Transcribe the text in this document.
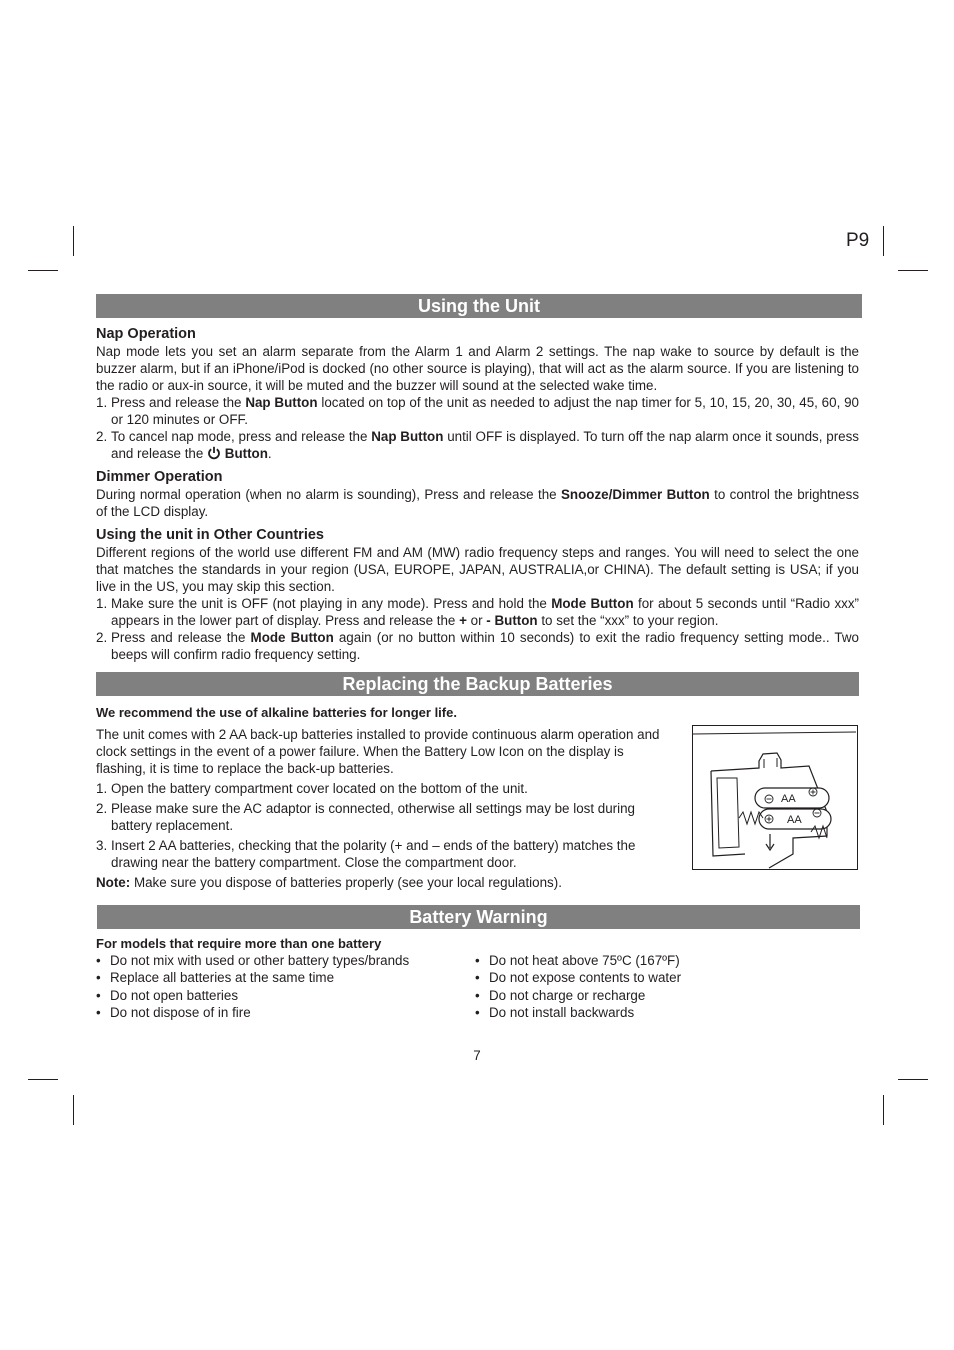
P9
Using the Unit
Nap Operation

Nap mode lets you set an alarm separate from the Alarm 1 and Alarm 2 settings. The nap wake to source by default is the buzzer alarm, but if an iPhone/iPod is docked (no other source is playing), that will act as the alarm source. If you are listening to the radio or aux-in source, it will be muted and the buzzer will sound at the selected wake time.

1. Press and release the Nap Button located on top of the unit as needed to adjust the nap timer for 5, 10, 15, 20, 30, 45, 60, 90 or 120 minutes or OFF.
2. To cancel nap mode, press and release the Nap Button until OFF is displayed. To turn off the nap alarm once it sounds, press and release the  Button.
Dimmer Operation

During normal operation (when no alarm is sounding), Press and release the Snooze/Dimmer Button to control the brightness of the LCD display.

Using the unit in Other Countries

Different regions of the world use different FM and AM (MW) radio frequency steps and ranges. You will need to select the one that matches the standards in your region (USA, EUROPE, JAPAN, AUSTRALIA,or CHINA). The default setting is USA; if you live in the US, you may skip this section.

1. Make sure the unit is OFF (not playing in any mode). Press and hold the Mode Button for about 5 seconds until “Radio xxx” appears in the lower part of display. Press and release the + or - Button to set the “xxx” to your region.
2. Press and release the Mode Button again (or no button within 10 seconds) to exit the radio frequency setting mode.. Two beeps will confirm radio frequency setting.
Replacing the Backup Batteries
We recommend the use of alkaline batteries for longer life.

The unit comes with 2 AA back-up batteries installed to provide continuous alarm operation and clock settings in the event of a power failure. When the Battery Low Icon on the display is flashing, it is time to replace the back-up batteries.

1. Open the battery compartment cover located on the bottom of the unit.
2. Please make sure the AC adaptor is connected, otherwise all settings may be lost during battery replacement.
3. Insert 2 AA batteries, checking that the polarity (+ and – ends of the battery) matches the drawing near the battery compartment. Close the compartment door.
Note: Make sure you dispose of batteries properly (see your local regulations).
AA
AA
Battery Warning
For models that require more than one battery
• Do not mix with used or other battery types/brands
• Replace all batteries at the same time
• Do not open batteries
• Do not dispose of in fire
• Do not heat above 75ºC (167ºF)
• Do not expose contents to water
• Do not charge or recharge
• Do not install backwards
7
